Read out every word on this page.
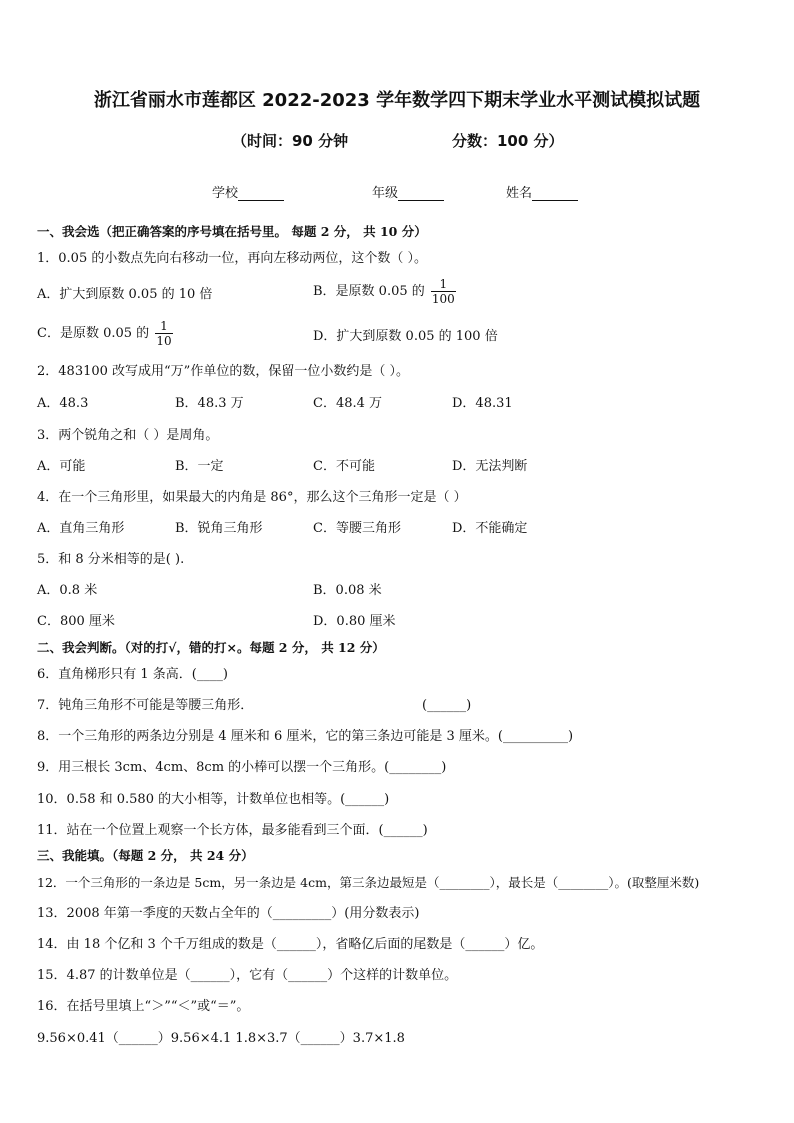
浙江省丽水市莲都区 2022-2023 学年数学四下期末学业水平测试模拟试题
（时间：90 分钟	分数：100 分）
学校	年级	姓名
一、我会选（把正确答案的序号填在括号里。 每题 2 分， 共 10 分）
1．0.05 的小数点先向右移动一位，再向左移动两位，这个数（ ）。
A．扩大到原数 0.05 的 10 倍	B．是原数 0.05 的 $\frac{1}{100}$
C．是原数 0.05 的 $\frac{1}{10}$	D．扩大到原数 0.05 的 100 倍
2．483100 改写成用“万”作单位的数，保留一位小数约是（ ）。
A．48.3	B．48.3 万	C．48.4 万	D．48.31
3．两个锐角之和（ ）是周角。
A．可能	B．一定	C．不可能	D．无法判断
4．在一个三角形里，如果最大的内角是 86°，那么这个三角形一定是（ ）
A．直角三角形	B．锐角三角形	C．等腰三角形	D．不能确定
5．和 8 分米相等的是( ).
A．0.8 米	B．0.08 米
C．800 厘米	D．0.80 厘米
二、我会判断。（对的打√，错的打×。每题 2 分， 共 12 分）
6．直角梯形只有 1 条高．(____)
7．钝角三角形不可能是等腰三角形．	(______)
8．一个三角形的两条边分别是 4 厘米和 6 厘米，它的第三条边可能是 3 厘米。(__________)
9．用三根长 3cm、4cm、8cm 的小棒可以摆一个三角形。(________)
10．0.58 和 0.580 的大小相等，计数单位也相等。(______)
11．站在一个位置上观察一个长方体，最多能看到三个面．(______)
三、我能填。（每题 2 分， 共 24 分）
12．一个三角形的一条边是 5cm，另一条边是 4cm，第三条边最短是（________），最长是（________）。(取整厘米数)
13．2008 年第一季度的天数占全年的（_________）(用分数表示)
14．由 18 个亿和 3 个千万组成的数是（______），省略亿后面的尾数是（______）亿。
15．4.87 的计数单位是（______），它有（______）个这样的计数单位。
16．在括号里填上“＞”“＜”或“＝”。
9.56×0.41（______）9.56×4.1 1.8×3.7（______）3.7×1.8
